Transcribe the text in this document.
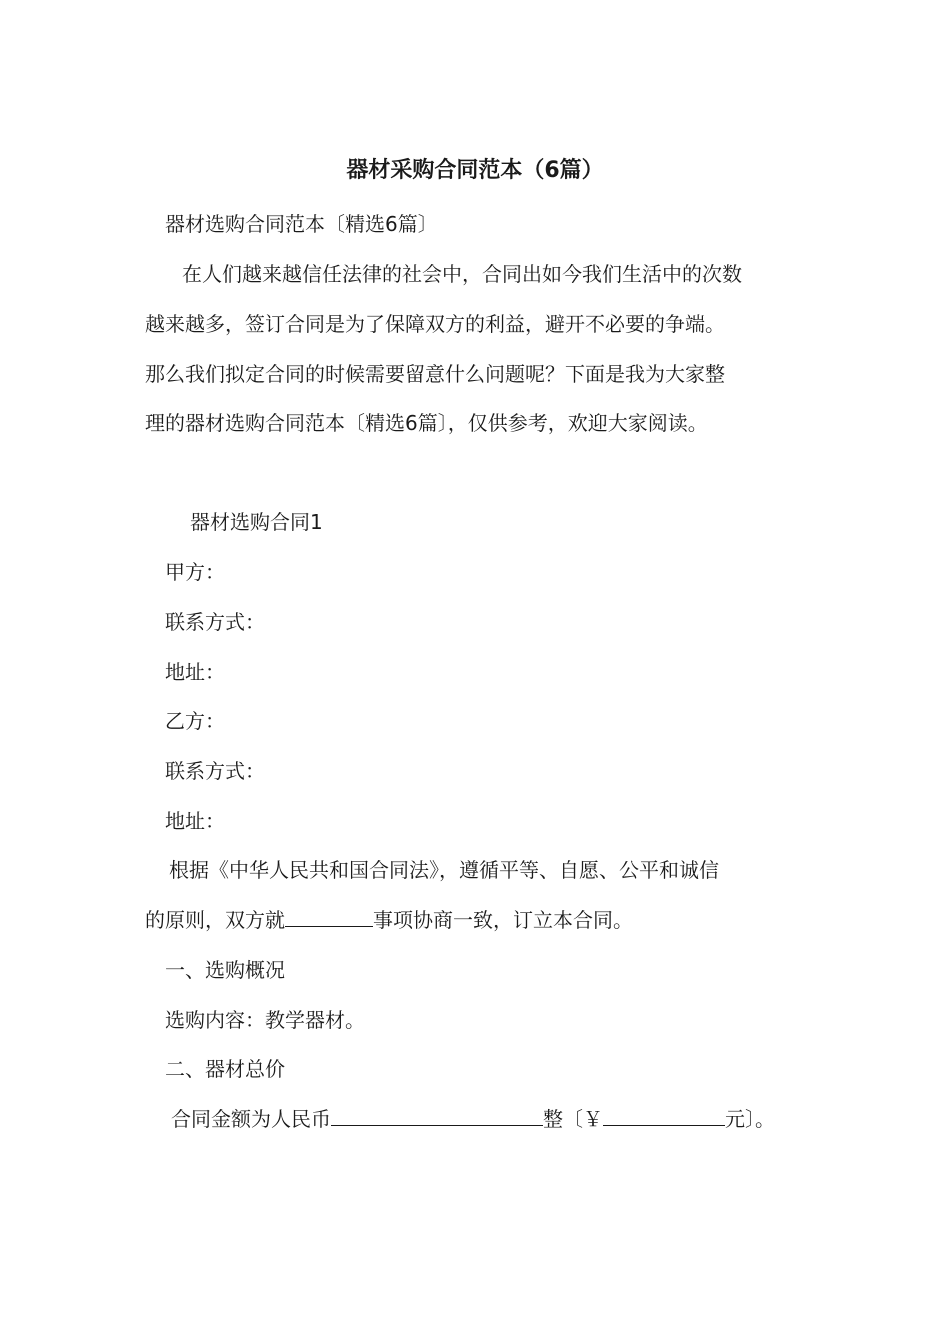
器材采购合同范本（6篇）
器材选购合同范本〔精选6篇〕
在人们越来越信任法律的社会中，合同出如今我们生活中的次数
越来越多，签订合同是为了保障双方的利益，避开不必要的争端。
那么我们拟定合同的时候需要留意什么问题呢？下面是我为大家整
理的器材选购合同范本〔精选6篇〕，仅供参考，欢迎大家阅读。
器材选购合同1
甲方：
联系方式：
地址：
乙方：
联系方式：
地址：
根据《中华人民共和国合同法》，遵循平等、自愿、公平和诚信
的原则，双方就	事项协商一致，订立本合同。
一、选购概况
选购内容：教学器材。
二、器材总价
合同金额为人民币	整〔￥	元〕。
